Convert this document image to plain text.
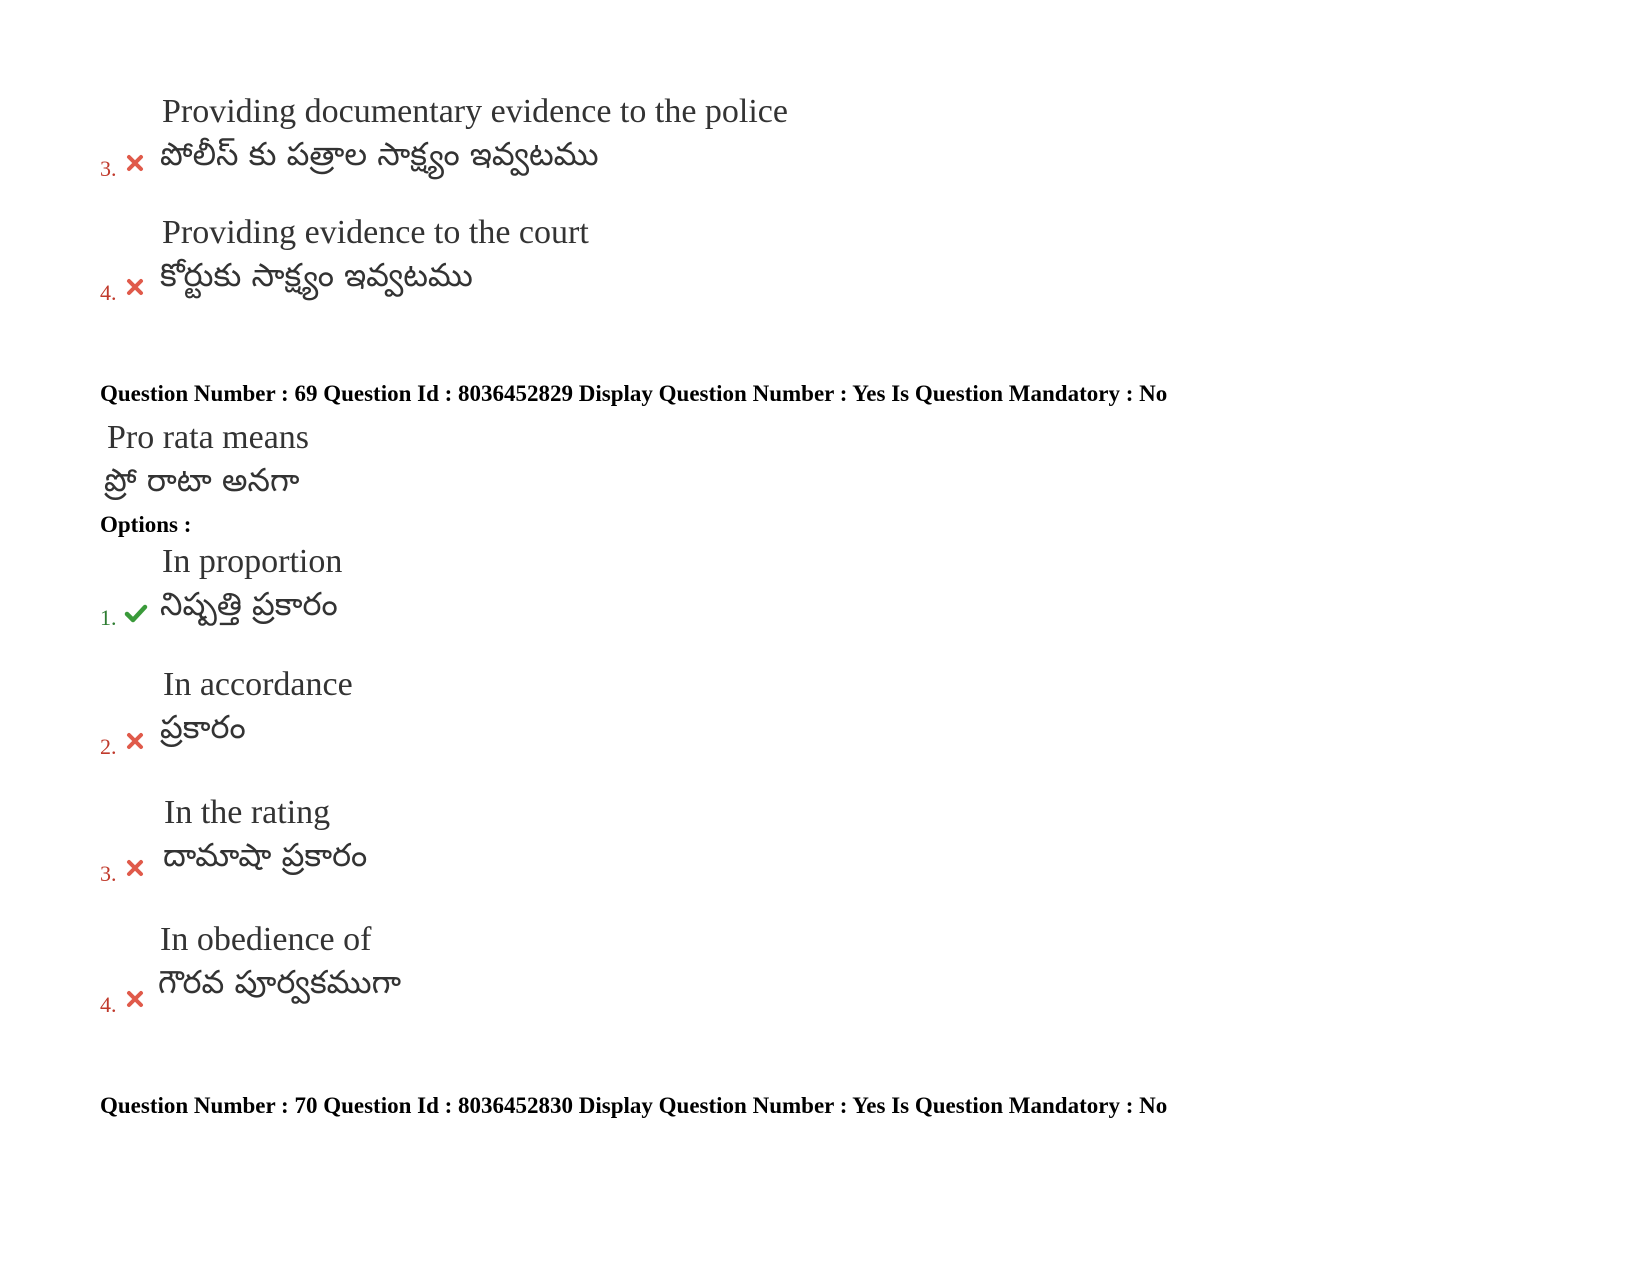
Providing documentary evidence to the police
పోలీస్ కు పత్రాల సాక్ష్యం ఇవ్వటము
3.
Providing evidence to the court
కోర్టుకు సాక్ష్యం ఇవ్వటము
4.
Question Number : 69 Question Id : 8036452829 Display Question Number : Yes Is Question Mandatory : No
Pro rata means
ప్రో రాటా అనగా
Options :
In proportion
నిష్పత్తి ప్రకారం
1.
In accordance
ప్రకారం
2.
In the rating
దామాషా ప్రకారం
3.
In obedience of
గౌరవ పూర్వకముగా
4.
Question Number : 70 Question Id : 8036452830 Display Question Number : Yes Is Question Mandatory : No
